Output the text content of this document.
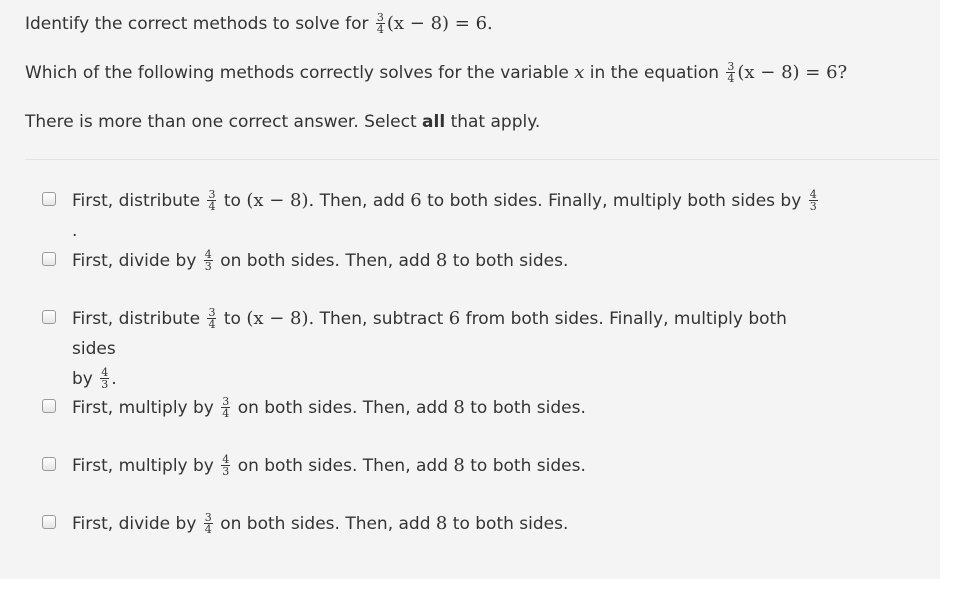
Identify the correct methods to solve for $\frac{3}{4} (x - 8) = 6$.
Which of the following methods correctly solves for the variable x in the equation $\frac{3}{4} (x - 8) = 6$?
There is more than one correct answer. Select all that apply.
First, distribute $\frac{3}{4}$ to (x − 8). Then, add 6 to both sides. Finally, multiply both sides by $\frac{4}{3}$
.
First, divide by $\frac{4}{3}$ on both sides. Then, add 8 to both sides.
First, distribute $\frac{3}{4}$ to (x − 8). Then, subtract 6 from both sides. Finally, multiply both sides
by $\frac{4}{3}$ .
First, multiply by $\frac{3}{4}$ on both sides. Then, add 8 to both sides.
First, multiply by $\frac{4}{3}$ on both sides. Then, add 8 to both sides.
First, divide by $\frac{3}{4}$ on both sides. Then, add 8 to both sides.
